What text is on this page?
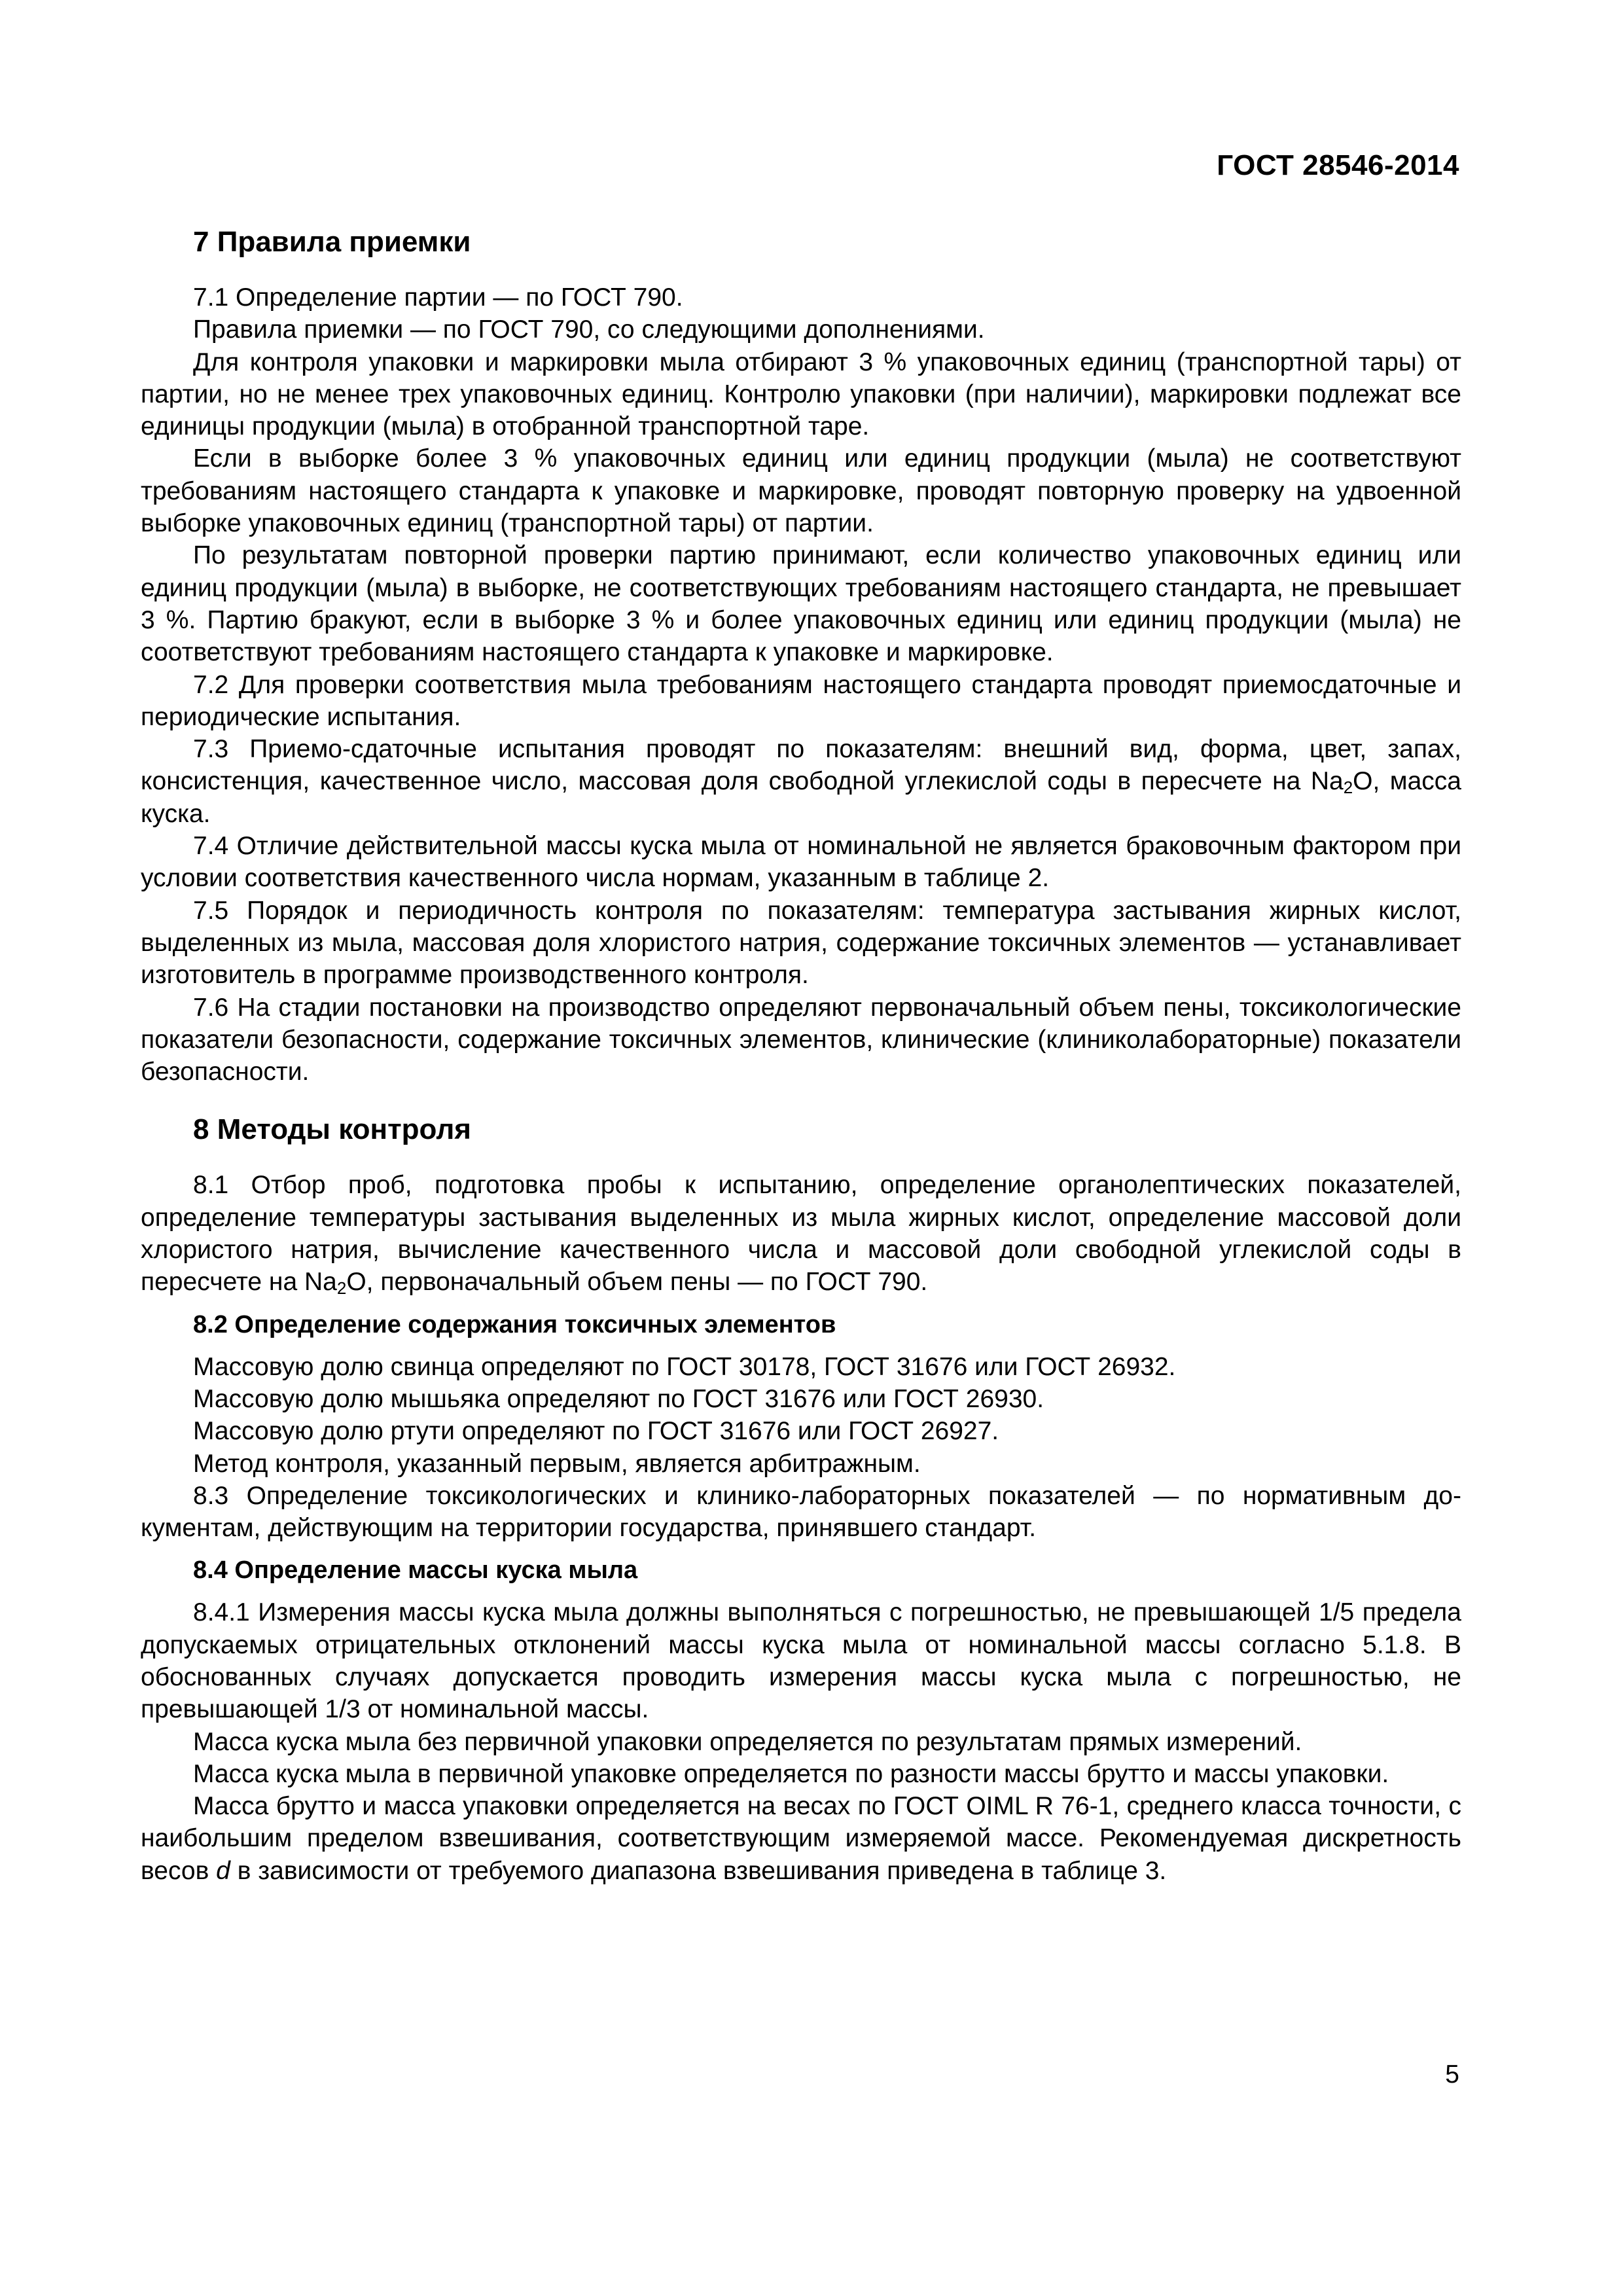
ГОСТ 28546-2014
7 Правила приемки

7.1 Определение партии — по ГОСТ 790.

Правила приемки — по ГОСТ 790, со следующими дополнениями.

Для контроля упаковки и маркировки мыла отбирают 3 % упаковочных единиц (транспортной тары) от партии, но не менее трех упаковочных единиц. Контролю упаковки (при наличии), маркировки подлежат все единицы продукции (мыла) в отобранной транспортной таре.

Если в выборке более 3 % упаковочных единиц или единиц продукции (мыла) не соответствуют требованиям настоящего стандарта к упаковке и маркировке, проводят повторную проверку на удвоенной выборке упаковочных единиц (транспортной тары) от партии.

По результатам повторной проверки партию принимают, если количество упаковочных единиц или единиц продукции (мыла) в выборке, не соответствующих требованиям настоящего стандарта, не превышает 3 %. Партию бракуют, если в выборке 3 % и более упаковочных единиц или единиц продукции (мыла) не соответствуют требованиям настоящего стандарта к упаковке и маркировке.

7.2 Для проверки соответствия мыла требованиям настоящего стандарта проводят приемосдаточные и периодические испытания.

7.3 Приемо-сдаточные испытания проводят по показателям: внешний вид, форма, цвет, запах, консистенция, качественное число, массовая доля свободной углекислой соды в пересчете на $Na_2O$, масса куска.

7.4 Отличие действительной массы куска мыла от номинальной не является браковочным фактором при условии соответствия качественного числа нормам, указанным в таблице 2.

7.5 Порядок и периодичность контроля по показателям: температура застывания жирных кислот, выделенных из мыла, массовая доля хлористого натрия, содержание токсичных элементов — устанавливает изготовитель в программе производственного контроля.

7.6 На стадии постановки на производство определяют первоначальный объем пены, токсикологические показатели безопасности, содержание токсичных элементов, клинические (клиниколабораторные) показатели безопасности.

8 Методы контроля

8.1 Отбор проб, подготовка пробы к испытанию, определение органолептических показателей, определение температуры застывания выделенных из мыла жирных кислот, определение массовой доли хлористого натрия, вычисление качественного числа и массовой доли свободной углекислой соды в пересчете на $Na_2O$, первоначальный объем пены — по ГОСТ 790.

8.2 Определение содержания токсичных элементов

Массовую долю свинца определяют по ГОСТ 30178, ГОСТ 31676 или ГОСТ 26932.

Массовую долю мышьяка определяют по ГОСТ 31676 или ГОСТ 26930.

Массовую долю ртути определяют по ГОСТ 31676 или ГОСТ 26927.

Метод контроля, указанный первым, является арбитражным.

8.3 Определение токсикологических и клинико-лабораторных показателей — по нормативным документам, действующим на территории государства, принявшего стандарт.

8.4 Определение массы куска мыла

8.4.1 Измерения массы куска мыла должны выполняться с погрешностью, не превышающей 1/5 предела допускаемых отрицательных отклонений массы куска мыла от номинальной массы согласно 5.1.8. В обоснованных случаях допускается проводить измерения массы куска мыла с погрешностью, не превышающей 1/3 от номинальной массы.

Масса куска мыла без первичной упаковки определяется по результатам прямых измерений.

Масса куска мыла в первичной упаковке определяется по разности массы брутто и массы упаковки.

Масса брутто и масса упаковки определяется на весах по ГОСТ OIML R 76-1, среднего класса точности, с наибольшим пределом взвешивания, соответствующим измеряемой массе. Рекомендуемая дискретность весов d в зависимости от требуемого диапазона взвешивания приведена в таблице 3.

5
